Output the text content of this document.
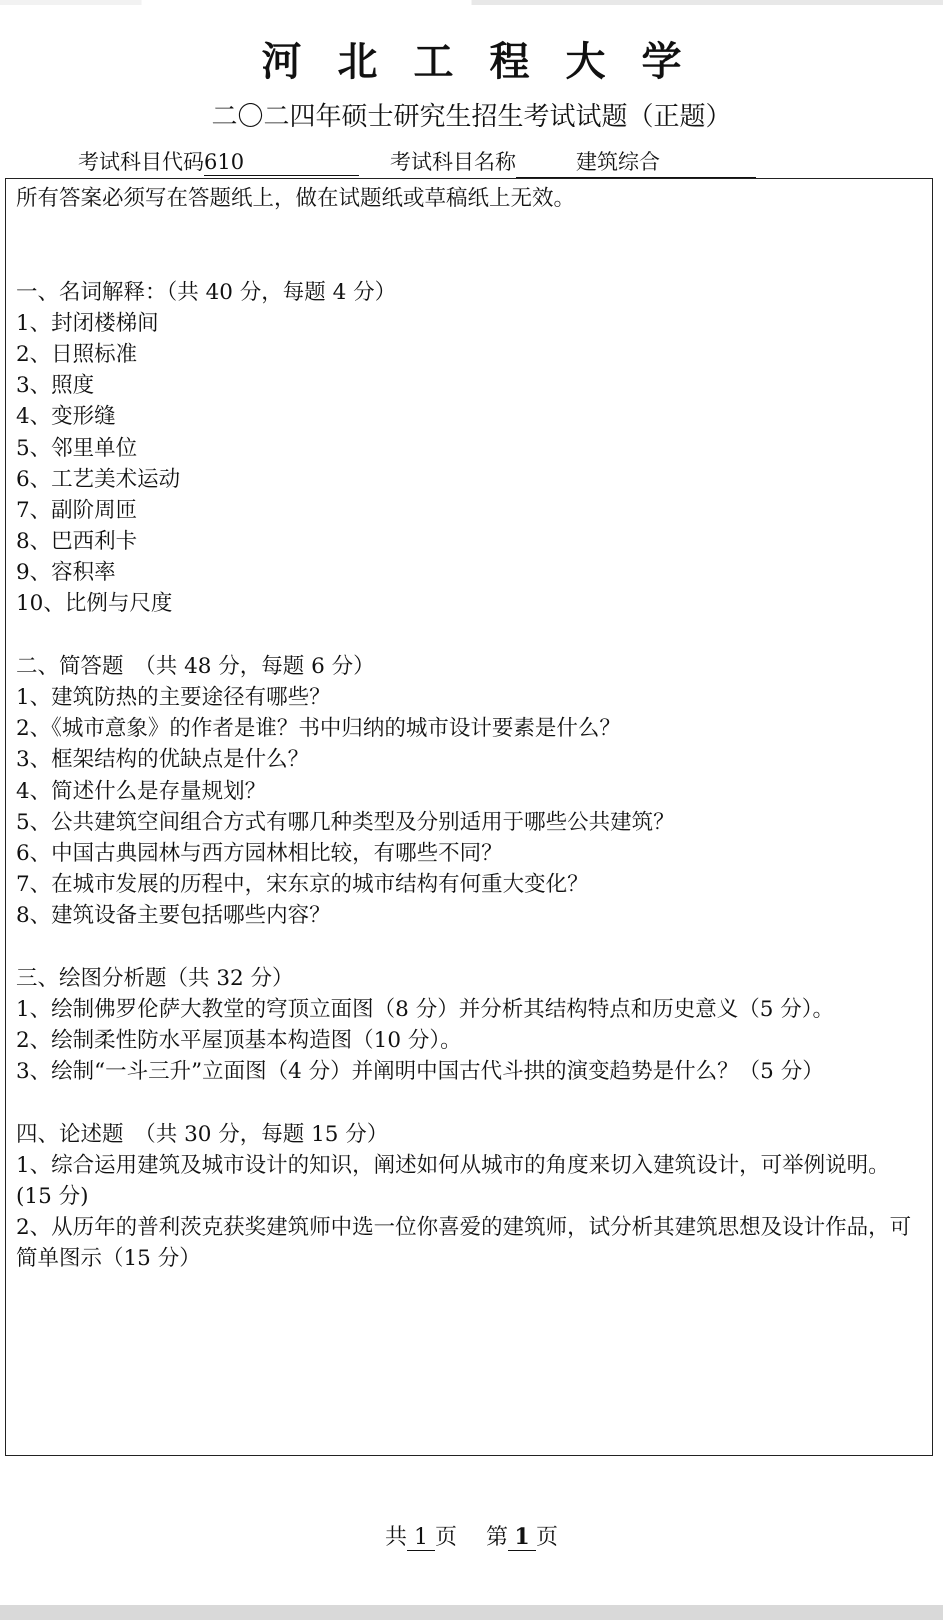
河北工程大学
二〇二四年硕士研究生招生考试试题（正题）
考试科目代码610	考试科目名称	建筑综合
所有答案必须写在答题纸上，做在试题纸或草稿纸上无效。
一、名词解释：（共 40 分，每题 4 分）
1、封闭楼梯间
2、日照标准
3、照度
4、变形缝
5、邻里单位
6、工艺美术运动
7、副阶周匝
8、巴西利卡
9、容积率
10、比例与尺度
二、简答题　（共 48 分，每题 6 分）
1、建筑防热的主要途径有哪些？
2、《城市意象》的作者是谁？书中归纳的城市设计要素是什么？
3、框架结构的优缺点是什么？
4、简述什么是存量规划？
5、公共建筑空间组合方式有哪几种类型及分别适用于哪些公共建筑？
6、中国古典园林与西方园林相比较，有哪些不同？
7、在城市发展的历程中，宋东京的城市结构有何重大变化？
8、建筑设备主要包括哪些内容？
三、绘图分析题（共 32 分）
1、绘制佛罗伦萨大教堂的穹顶立面图（8 分）并分析其结构特点和历史意义（5 分）。
2、绘制柔性防水平屋顶基本构造图（10 分）。
3、绘制“一斗三升”立面图（4 分）并阐明中国古代斗拱的演变趋势是什么？（5 分）
四、论述题　（共 30 分，每题 15 分）
1、综合运用建筑及城市设计的知识，阐述如何从城市的角度来切入建筑设计，可举例说明。(15 分)
2、从历年的普利茨克获奖建筑师中选一位你喜爱的建筑师，试分析其建筑思想及设计作品，可简单图示（15 分）
共 1 页 　 第 1 页
